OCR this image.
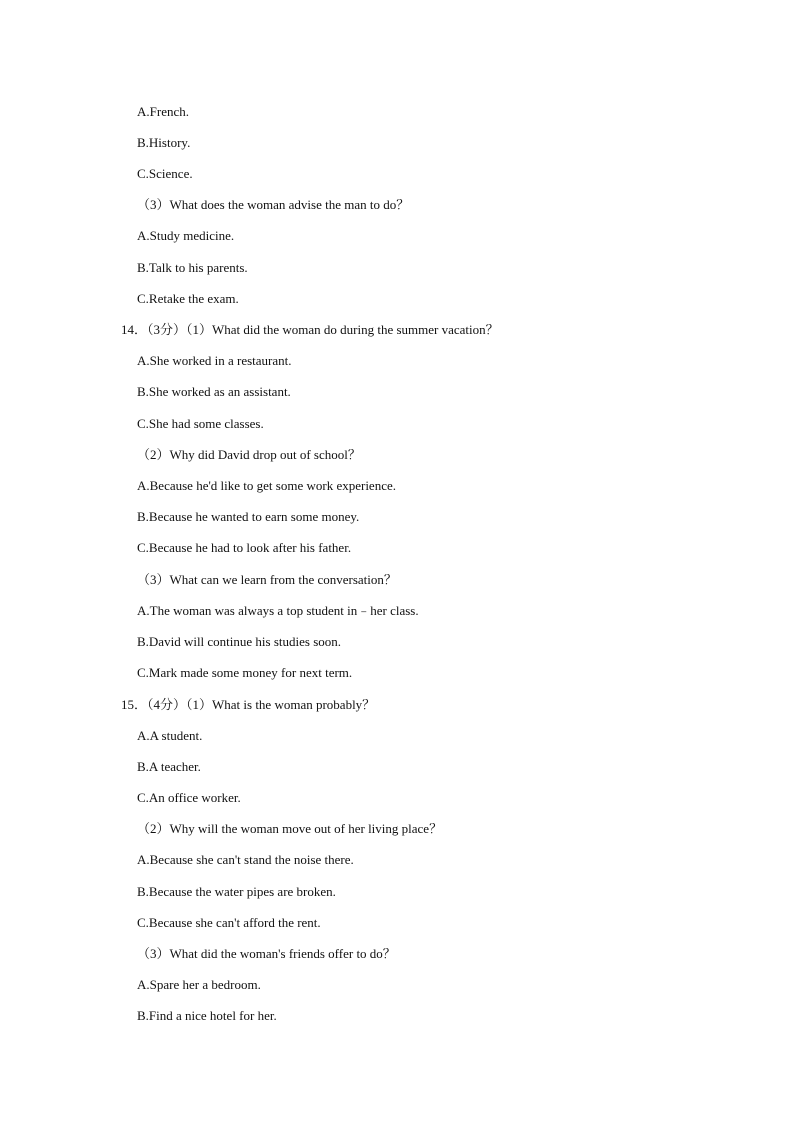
A.French.
B.History.
C.Science.
（3）What does the woman advise the man to do？
A.Study medicine.
B.Talk to his parents.
C.Retake the exam.
14．（3分）（1）What did the woman do during the summer vacation？
A.She worked in a restaurant.
B.She worked as an assistant.
C.She had some classes.
（2）Why did David drop out of school？
A.Because he'd like to get some work experience.
B.Because he wanted to earn some money.
C.Because he had to look after his father.
（3）What can we learn from the conversation？
A.The woman was always a top student in﹣her class.
B.David will continue his studies soon.
C.Mark made some money for next term.
15．（4分）（1）What is the woman probably？
A.A student.
B.A teacher.
C.An office worker.
（2）Why will the woman move out of her living place？
A.Because she can't stand the noise there.
B.Because the water pipes are broken.
C.Because she can't afford the rent.
（3）What did the woman's friends offer to do？
A.Spare her a bedroom.
B.Find a nice hotel for her.
